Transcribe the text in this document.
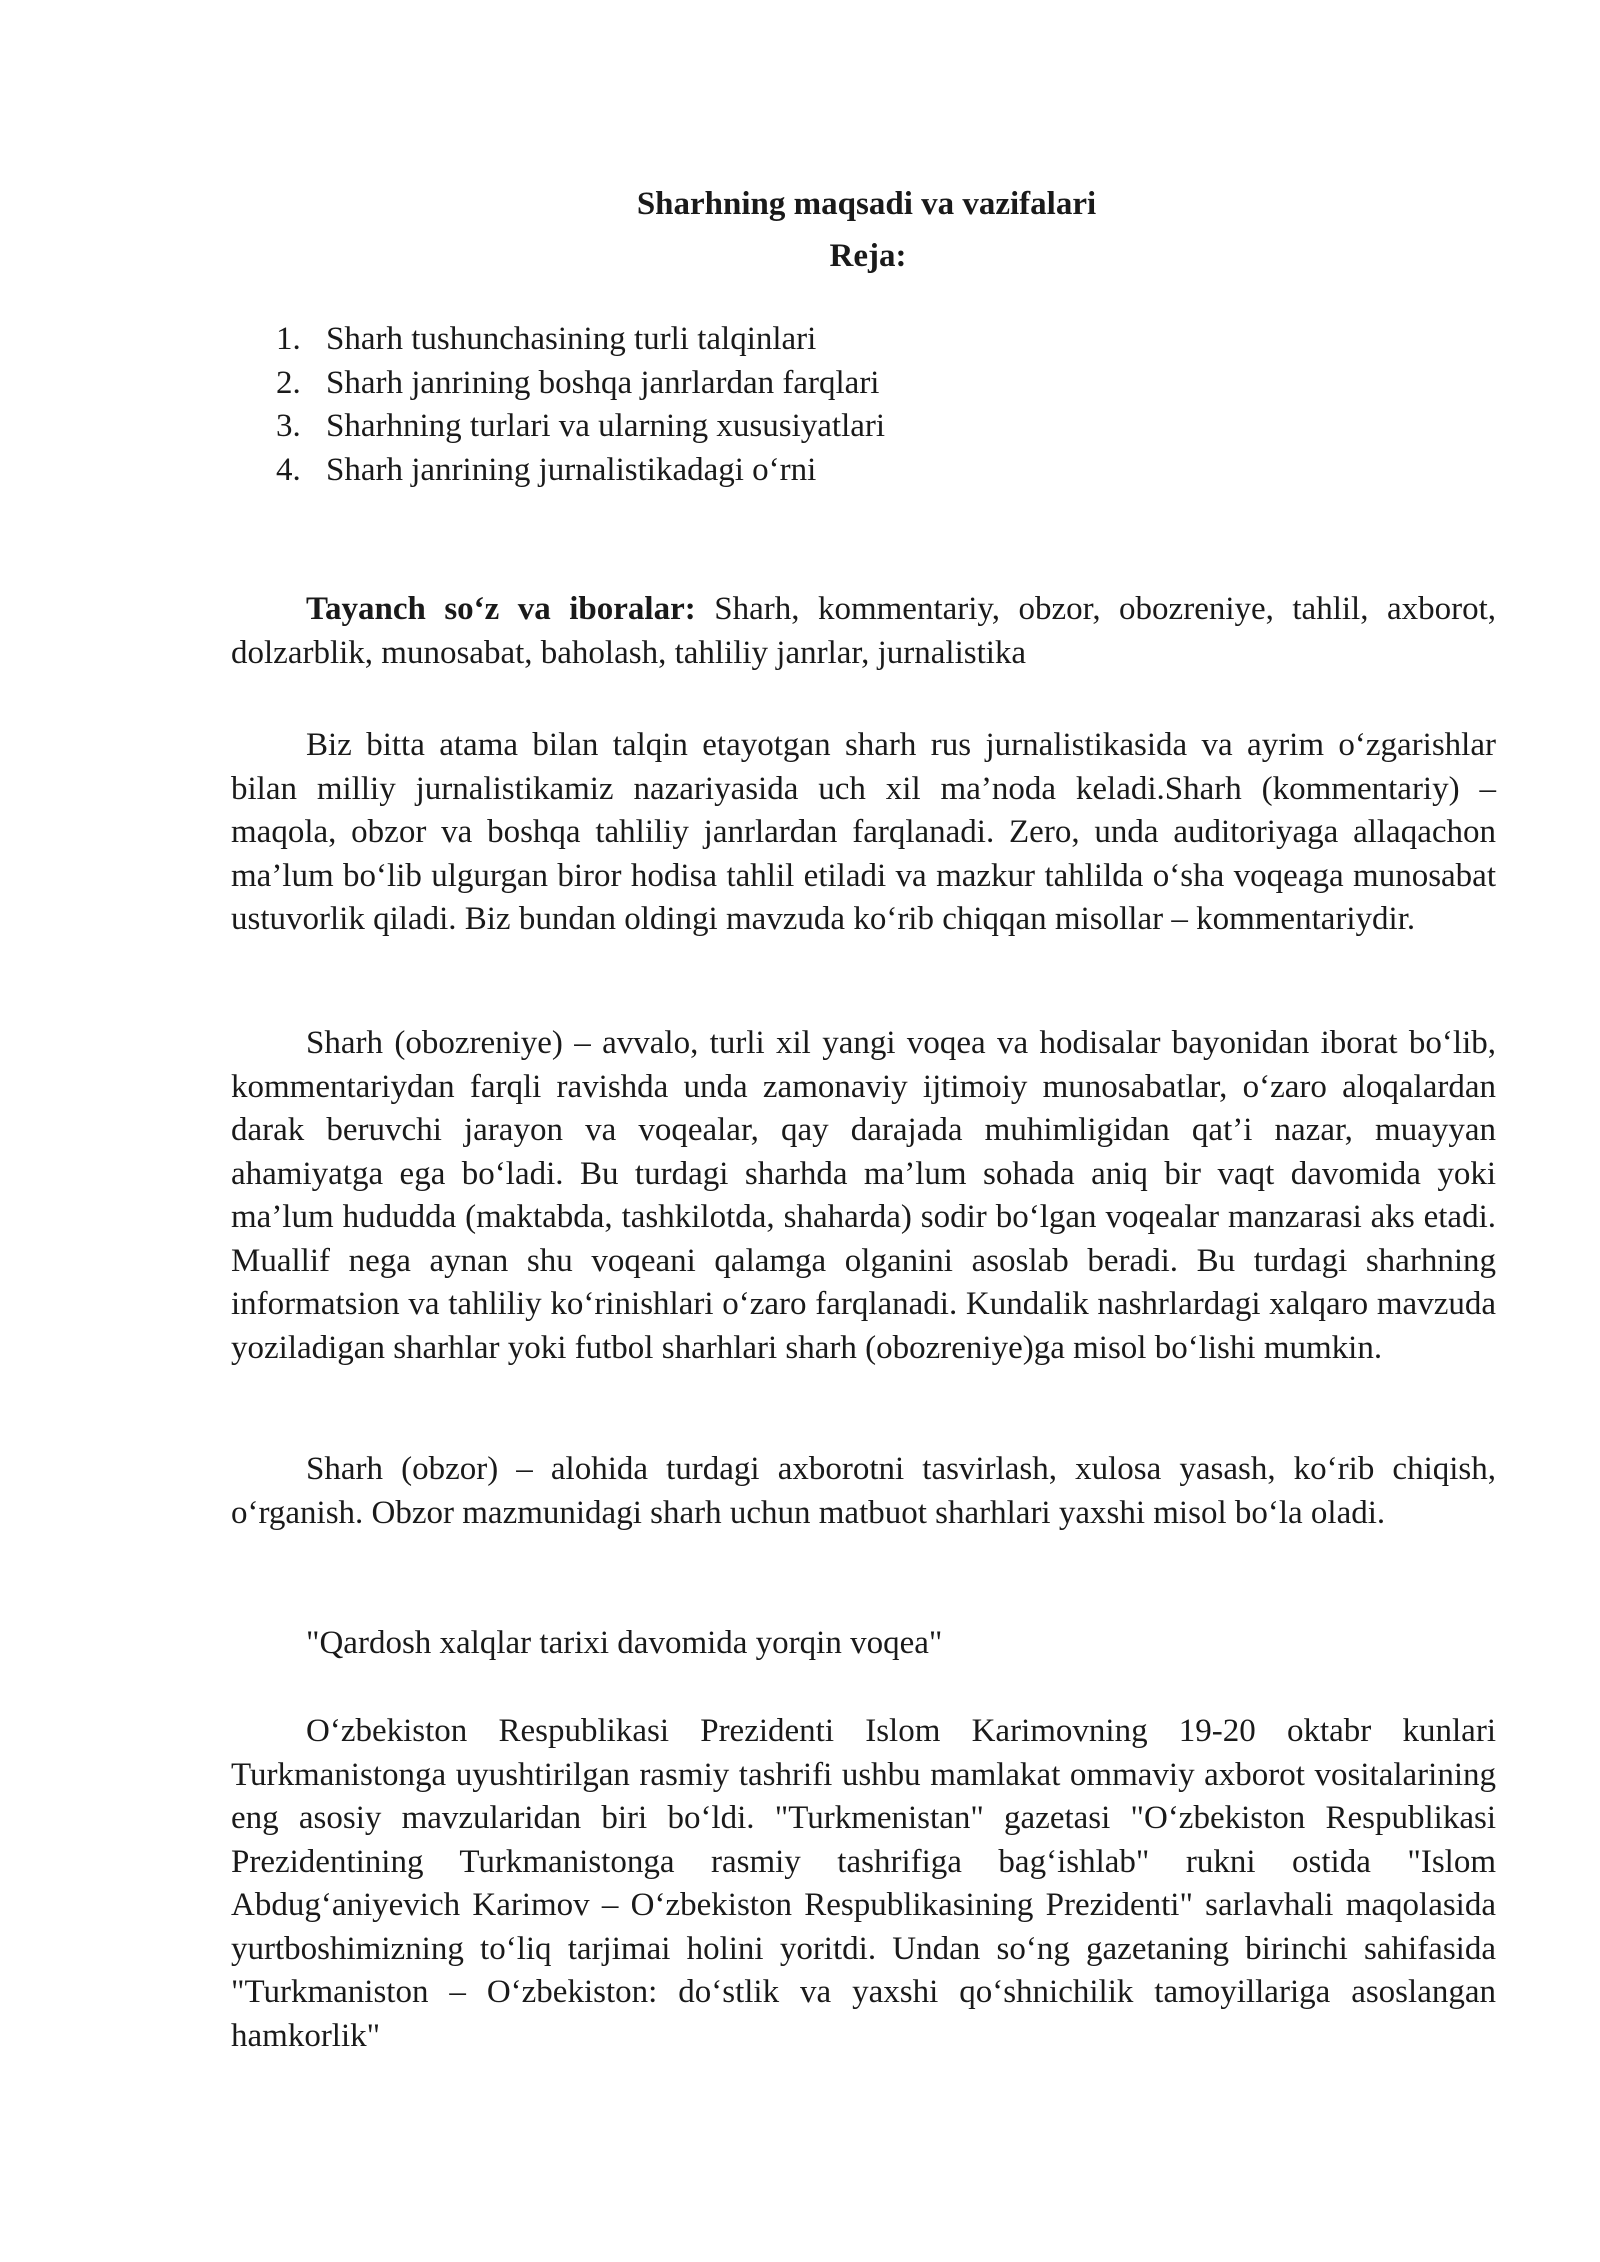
Sharhning maqsadi va vazifalari
Reja:
1. Sharh tushunchasining turli talqinlari
2. Sharh janrining boshqa janrlardan farqlari
3. Sharhning turlari va ularning xususiyatlari
4. Sharh janrining jurnalistikadagi o‘rni

Tayanch so‘z va iboralar: Sharh, kommentariy, obzor, obozreniye, tahlil, axborot, dolzarblik, munosabat, baholash, tahliliy janrlar, jurnalistika

Biz bitta atama bilan talqin etayotgan sharh rus jurnalistikasida va ayrim o‘zgarishlar bilan milliy jurnalistikamiz nazariyasida uch xil ma’noda keladi.Sharh (kommentariy) – maqola, obzor va boshqa tahliliy janrlardan farqlanadi. Zero, unda auditoriyaga allaqachon ma’lum bo‘lib ulgurgan biror hodisa tahlil etiladi va mazkur tahlilda o‘sha voqeaga munosabat ustuvorlik qiladi. Biz bundan oldingi mavzuda ko‘rib chiqqan misollar – kommentariydir.

Sharh (obozreniye) – avvalo, turli xil yangi voqea va hodisalar bayonidan iborat bo‘lib, kommentariydan farqli ravishda unda zamonaviy ijtimoiy munosabatlar, o‘zaro aloqalardan darak beruvchi jarayon va voqealar, qay darajada muhimligidan qat’i nazar, muayyan ahamiyatga ega bo‘ladi. Bu turdagi sharhda ma’lum sohada aniq bir vaqt davomida yoki ma’lum hududda (maktabda, tashkilotda, shaharda) sodir bo‘lgan voqealar manzarasi aks etadi. Muallif nega aynan shu voqeani qalamga olganini asoslab beradi. Bu turdagi sharhning informatsion va tahliliy ko‘rinishlari o‘zaro farqlanadi. Kundalik nashrlardagi xalqaro mavzuda yoziladigan sharhlar yoki futbol sharhlari sharh (obozreniye)ga misol bo‘lishi mumkin.

Sharh (obzor) – alohida turdagi axborotni tasvirlash, xulosa yasash, ko‘rib chiqish, o‘rganish. Obzor mazmunidagi sharh uchun matbuot sharhlari yaxshi misol bo‘la oladi.

"Qardosh xalqlar tarixi davomida yorqin voqea"

O‘zbekiston Respublikasi Prezidenti Islom Karimovning 19-20 oktabr kunlari Turkmanistonga uyushtirilgan rasmiy tashrifi ushbu mamlakat ommaviy axborot vositalarining eng asosiy mavzularidan biri bo‘ldi. "Turkmenistan" gazetasi "O‘zbekiston Respublikasi Prezidentining Turkmanistonga rasmiy tashrifiga bag‘ishlab" rukni ostida "Islom Abdug‘aniyevich Karimov – O‘zbekiston Respublikasining Prezidenti" sarlavhali maqolasida yurtboshimizning to‘liq tarjimai holini yoritdi. Undan so‘ng gazetaning birinchi sahifasida "Turkmaniston – O‘zbekiston: do‘stlik va yaxshi qo‘shnichilik tamoyillariga asoslangan hamkorlik"
